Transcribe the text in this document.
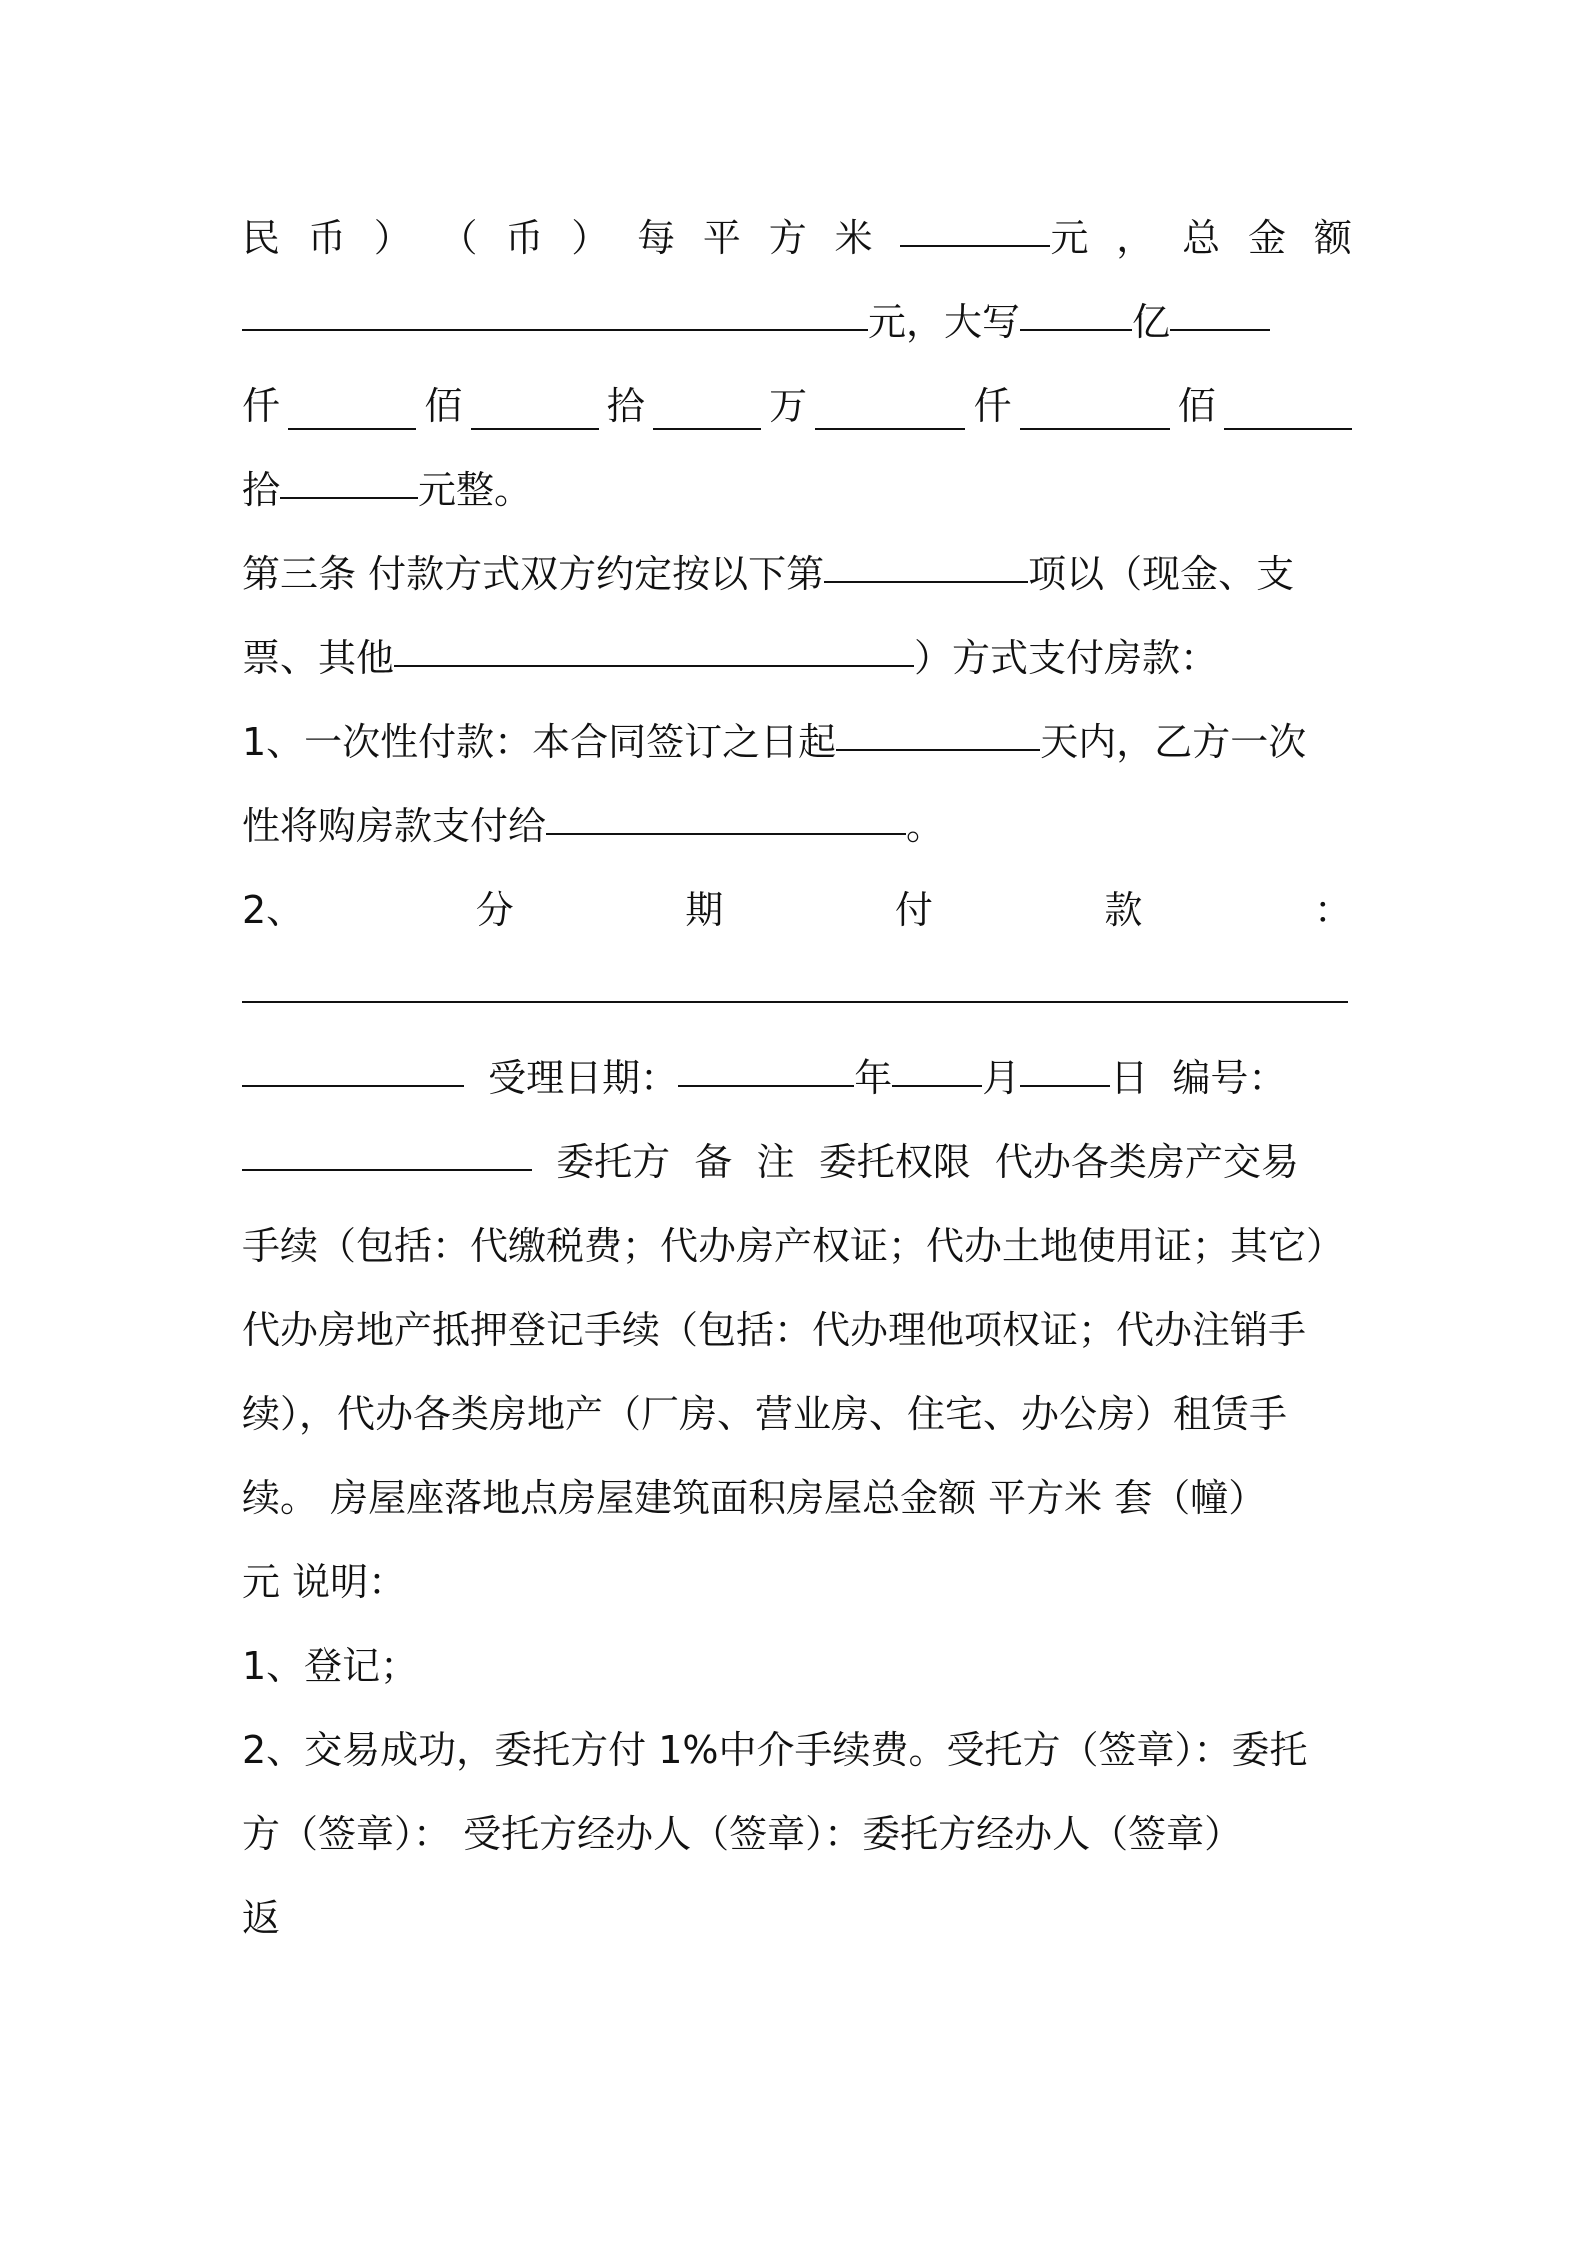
民 币 ） （ 币 ） 每 平 方 米	元 ， 总 金 额
元，大写	亿
仟	佰	拾	万	仟	佰
拾	元整。
第三条 付款方式双方约定按以下第	项以（现金、支
票、其他	）方式支付房款：
1、一次性付款：本合同签订之日起	天内，乙方一次
性将购房款支付给	。
2、	分	期	付	款	：
受理日期：	年 月 日 编号：
委托方 备 注 委托权限 代办各类房产交易
手续（包括：代缴税费；代办房产权证；代办土地使用证；其它）
代办房地产抵押登记手续（包括：代办理他项权证；代办注销手
续），代办各类房地产（厂房、营业房、住宅、办公房）租赁手
续。 房屋座落地点房屋建筑面积房屋总金额 平方米 套（幢）
元 说明：
1、登记；
2、交易成功，委托方付 1%中介手续费。受托方（签章）：委托
方（签章）： 受托方经办人（签章）：委托方经办人（签章）
返
